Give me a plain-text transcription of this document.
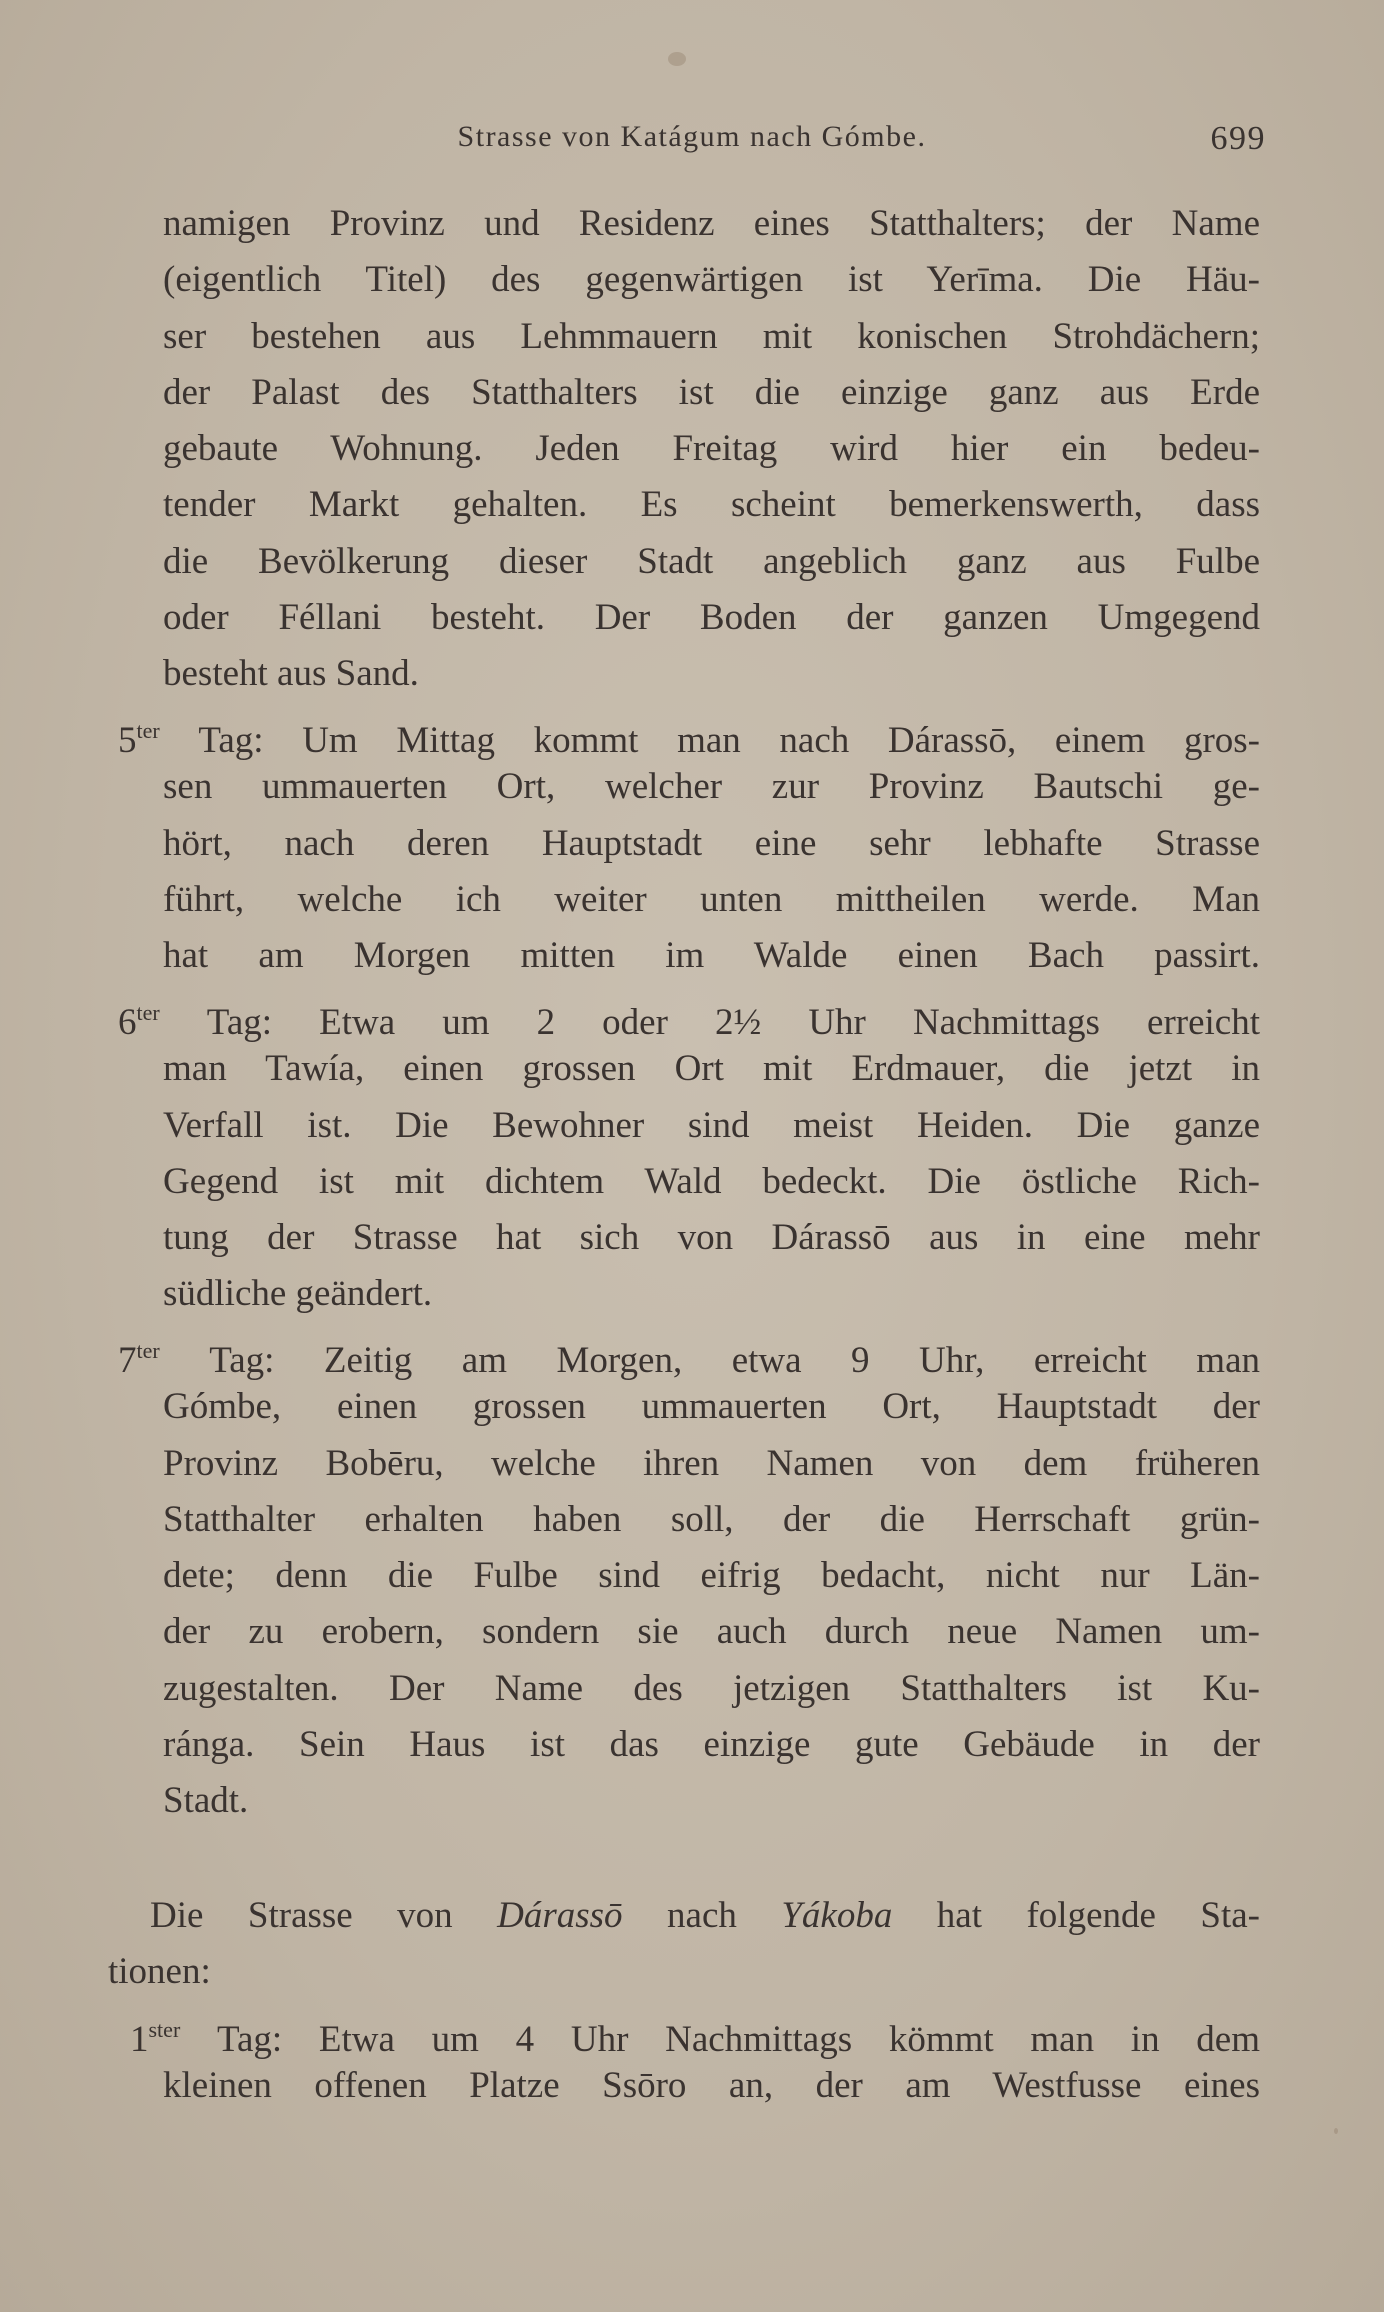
Strasse von Katágum nach Gómbe.	699
namigen Provinz und Residenz eines Statthalters; der Name
(eigentlich Titel) des gegenwärtigen ist Yerīma. Die Häu-
ser bestehen aus Lehmmauern mit konischen Strohdächern;
der Palast des Statthalters ist die einzige ganz aus Erde
gebaute Wohnung. Jeden Freitag wird hier ein bedeu-
tender Markt gehalten. Es scheint bemerkenswerth, dass
die Bevölkerung dieser Stadt angeblich ganz aus Fulbe
oder Féllani besteht. Der Boden der ganzen Umgegend
besteht aus Sand.
$5^{ter}$ Tag: Um Mittag kommt man nach Dárassō, einem gros-
sen ummauerten Ort, welcher zur Provinz Bautschi ge-
hört, nach deren Hauptstadt eine sehr lebhafte Strasse
führt, welche ich weiter unten mittheilen werde. Man
hat am Morgen mitten im Walde einen Bach passirt.
$6^{ter}$ Tag: Etwa um 2 oder 2½ Uhr Nachmittags erreicht
man Tawía, einen grossen Ort mit Erdmauer, die jetzt in
Verfall ist. Die Bewohner sind meist Heiden. Die ganze
Gegend ist mit dichtem Wald bedeckt. Die östliche Rich-
tung der Strasse hat sich von Dárassō aus in eine mehr
südliche geändert.
$7^{ter}$ Tag: Zeitig am Morgen, etwa 9 Uhr, erreicht man
Gómbe, einen grossen ummauerten Ort, Hauptstadt der
Provinz Bobēru, welche ihren Namen von dem früheren
Statthalter erhalten haben soll, der die Herrschaft grün-
dete; denn die Fulbe sind eifrig bedacht, nicht nur Län-
der zu erobern, sondern sie auch durch neue Namen um-
zugestalten. Der Name des jetzigen Statthalters ist Ku-
ránga. Sein Haus ist das einzige gute Gebäude in der
Stadt.
Die Strasse von Dárassō nach Yákoba hat folgende Sta-
tionen:
$1^{ster}$ Tag: Etwa um 4 Uhr Nachmittags kömmt man in dem
kleinen offenen Platze Ssōro an, der am Westfusse eines
